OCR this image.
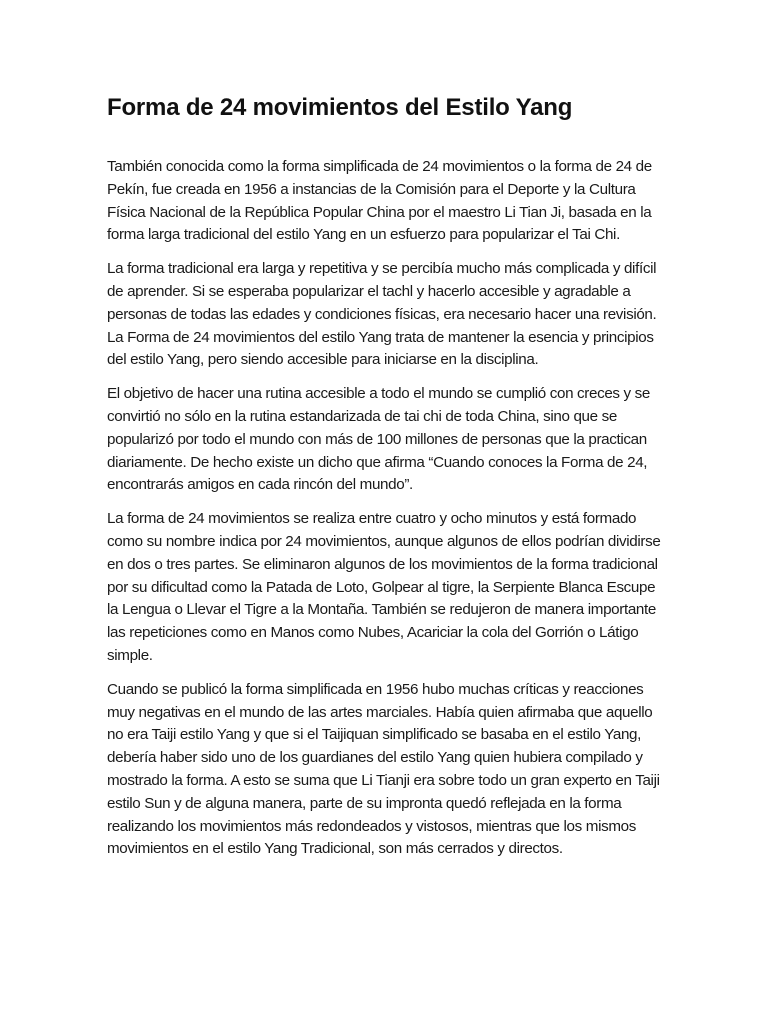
Forma de 24 movimientos del Estilo Yang

También conocida como la forma simplificada de 24 movimientos o la forma de 24 de Pekín, fue creada en 1956 a instancias de la Comisión para el Deporte y la Cultura Física Nacional de la República Popular China por el maestro Li Tian Ji, basada en la forma larga tradicional del estilo Yang en un esfuerzo para popularizar el Tai Chi.

La forma tradicional era larga y repetitiva y se percibía mucho más complicada y difícil de aprender. Si se esperaba popularizar el tachl y hacerlo accesible y agradable a personas de todas las edades y condiciones físicas, era necesario hacer una revisión. La Forma de 24 movimientos del estilo Yang trata de mantener la esencia y principios del estilo Yang, pero siendo accesible para iniciarse en la disciplina.

El objetivo de hacer una rutina accesible a todo el mundo se cumplió con creces y se convirtió no sólo en la rutina estandarizada de tai chi de toda China, sino que se popularizó por todo el mundo con más de 100 millones de personas que la practican diariamente. De hecho existe un dicho que afirma “Cuando conoces la Forma de 24, encontrarás amigos en cada rincón del mundo”.

La forma de 24 movimientos se realiza entre cuatro y ocho minutos y está formado como su nombre indica por 24 movimientos, aunque algunos de ellos podrían dividirse en dos o tres partes. Se eliminaron algunos de los movimientos de la forma tradicional por su dificultad como la Patada de Loto, Golpear al tigre, la Serpiente Blanca Escupe la Lengua o Llevar el Tigre a la Montaña. También se redujeron de manera importante las repeticiones como en Manos como Nubes, Acariciar la cola del Gorrión o Látigo simple.

Cuando se publicó la forma simplificada en 1956 hubo muchas críticas y reacciones muy negativas en el mundo de las artes marciales. Había quien afirmaba que aquello no era Taiji estilo Yang y que si el Taijiquan simplificado se basaba en el estilo Yang, debería haber sido uno de los guardianes del estilo Yang quien hubiera compilado y mostrado la forma. A esto se suma que Li Tianji era sobre todo un gran experto en Taiji estilo Sun y de alguna manera, parte de su impronta quedó reflejada en la forma realizando los movimientos más redondeados y vistosos, mientras que los mismos movimientos en el estilo Yang Tradicional, son más cerrados y directos.
